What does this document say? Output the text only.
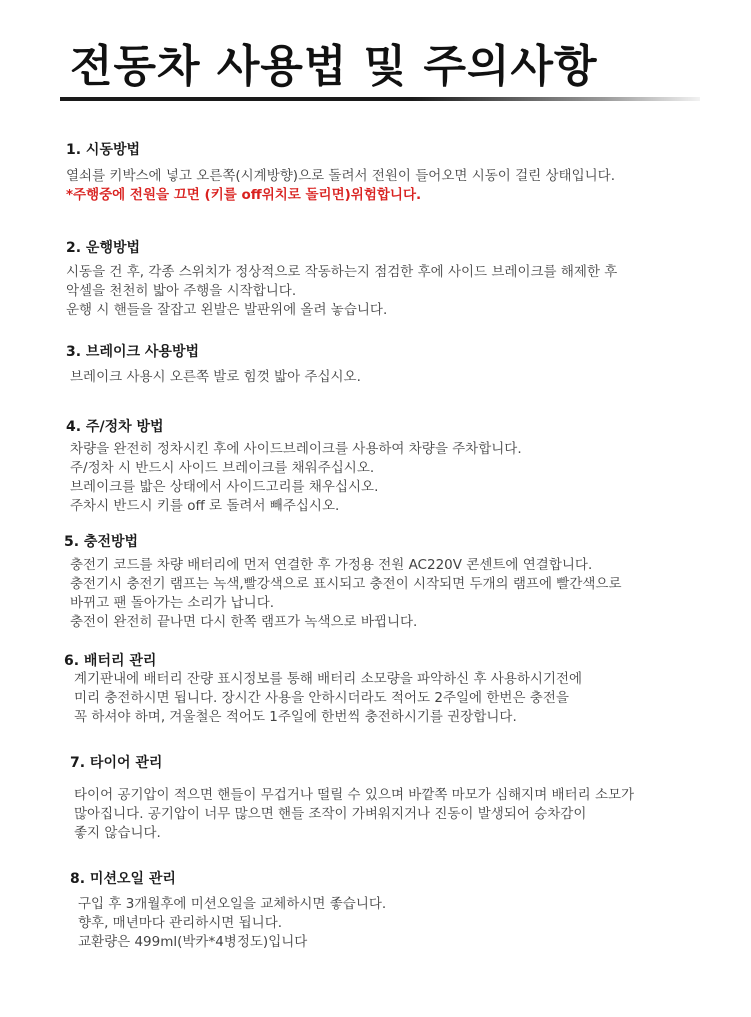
전동차 사용법 및 주의사항
1. 시동방법
열쇠를 키박스에 넣고 오른쪽(시계방향)으로 돌려서 전원이 들어오면 시동이 걸린 상태입니다.
*주행중에 전원을 끄면 (키를 off위치로 돌리면)위험합니다.
2. 운행방법
시동을 건 후, 각종 스위치가 정상적으로 작동하는지 점검한 후에 사이드 브레이크를 해제한 후
악셀을 천천히 밟아 주행을 시작합니다.
운행 시 핸들을 잘잡고 왼발은 발판위에 올려 놓습니다.
3. 브레이크 사용방법
브레이크 사용시 오른쪽 발로 힘껏 밟아 주십시오.
4. 주/정차 방법
차량을 완전히 정차시킨 후에 사이드브레이크를 사용하여 차량을 주차합니다.
주/정차 시 반드시 사이드 브레이크를 채워주십시오.
브레이크를 밟은 상태에서 사이드고리를 채우십시오.
주차시 반드시 키를 off 로 돌려서 빼주십시오.
5. 충전방법
충전기 코드를 차량 배터리에 먼저 연결한 후 가정용 전원 AC220V 콘센트에 연결합니다.
충전기시 충전기 램프는 녹색,빨강색으로 표시되고 충전이 시작되면 두개의 램프에 빨간색으로
바뀌고 팬 돌아가는 소리가 납니다.
충전이 완전히 끝나면 다시 한쪽 램프가 녹색으로 바뀝니다.
6. 배터리 관리
계기판내에 배터리 잔량 표시정보를 통해 배터리 소모량을 파악하신 후 사용하시기전에
미리 충전하시면 됩니다. 장시간 사용을 안하시더라도 적어도 2주일에 한번은 충전을
꼭 하셔야 하며, 겨울철은 적어도 1주일에 한번씩 충전하시기를 권장합니다.
7. 타이어 관리
타이어 공기압이 적으면 핸들이 무겁거나 떨릴 수 있으며 바깥쪽 마모가 심해지며 배터리 소모가
많아집니다. 공기압이 너무 많으면 핸들 조작이 가벼워지거나 진동이 발생되어 승차감이
좋지 않습니다.
8. 미션오일 관리
구입 후 3개월후에 미션오일을 교체하시면 좋습니다.
향후, 매년마다 관리하시면 됩니다.
교환량은 499ml(박카*4병정도)입니다
